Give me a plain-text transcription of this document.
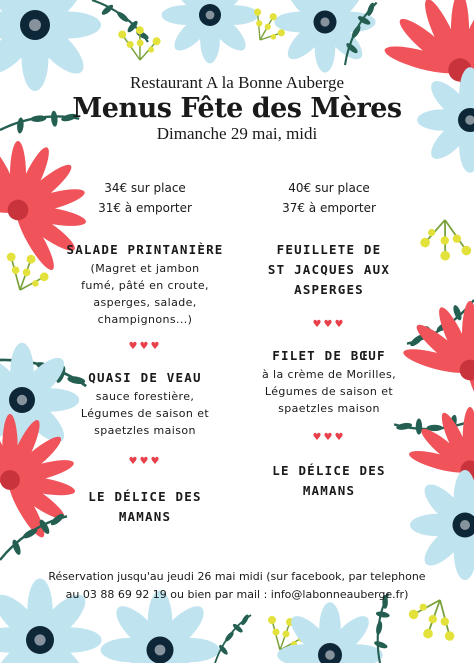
Restaurant A la Bonne Auberge
Menus Fête des Mères
Dimanche 29 mai, midi
34€ sur place
31€ à emporter
SALADE PRINTANIÈRE
(Magret et jambon
fumé, pâté en croute,
asperges, salade,
champignons...)
♥♥♥
QUASI DE VEAU
sauce forestière,
Légumes de saison et
spaetzles maison
♥♥♥
LE DÉLICE DES
MAMANS
40€ sur place
37€ à emporter
FEUILLETE DE
ST JACQUES AUX
ASPERGES
♥♥♥
FILET DE BŒUF
à la crème de Morilles,
Légumes de saison et
spaetzles maison
♥♥♥
LE DÉLICE DES
MAMANS
Réservation jusqu'au jeudi 26 mai midi (sur facebook, par telephone
au 03 88 69 92 19 ou bien par mail : info@labonneauberge.fr)
